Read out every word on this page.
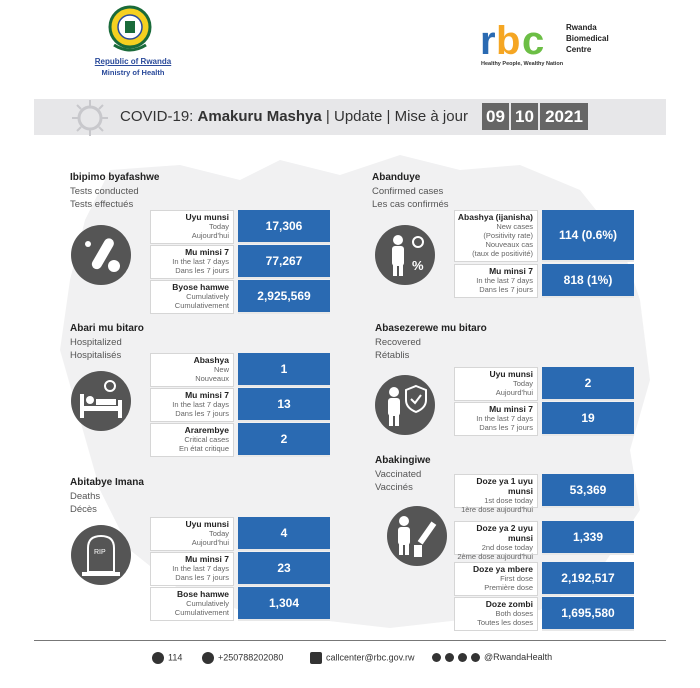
Republic of Rwanda
Ministry of Health
r b c	Rwanda
Biomedical
Centre
Healthy People, Wealthy Nation
COVID-19: Amakuru Mashya | Update | Mise à jour 09 10 2021
Ibipimo byafashwe
Tests conducted
Tests effectués
Uyu munsi
Today
Aujourd'hui
17,306
Mu minsi 7
In the last 7 days
Dans les 7 jours
77,267
Byose hamwe
Cumulatively
Cumulativement
2,925,569
Abanduye
Confirmed cases
Les cas confirmés
%
Abashya (ijanisha)
New cases
(Positivity rate)
Nouveaux cas
(taux de positivité)
114 (0.6%)
Mu minsi 7
In the last 7 days
Dans les 7 jours
818 (1%)
Abari mu bitaro
Hospitalized
Hospitalisés	Abashya
New
Nouveaux
1
Mu minsi 7
In the last 7 days
Dans les 7 jours
13
Ararembye
Critical cases
En état critique
2
Abasezerewe mu bitaro
Recovered
Rétablis
Uyu munsi
Today
Aujourd'hui
2
Mu minsi 7
In the last 7 days
Dans les 7 jours
19
Abitabye Imana
Deaths
Décès
RIP
Uyu munsi
Today
Aujourd'hui
4
Mu minsi 7
In the last 7 days
Dans les 7 jours
23
Bose hamwe
Cumulatively
Cumulativement
1,304
Abakingiwe
Vaccinated
Vaccinés
Doze ya 1 uyu munsi
1st dose today
1ère dose aujourd'hui
53,369
Doze ya 2 uyu munsi
2nd dose today
2ème dose aujourd'hui
1,339
Doze ya mbere
First dose
Première dose
2,192,517
Doze zombi
Both doses
Toutes les doses
1,695,580
114	+250788202080	callcenter@rbc.gov.rw	@RwandaHealth
